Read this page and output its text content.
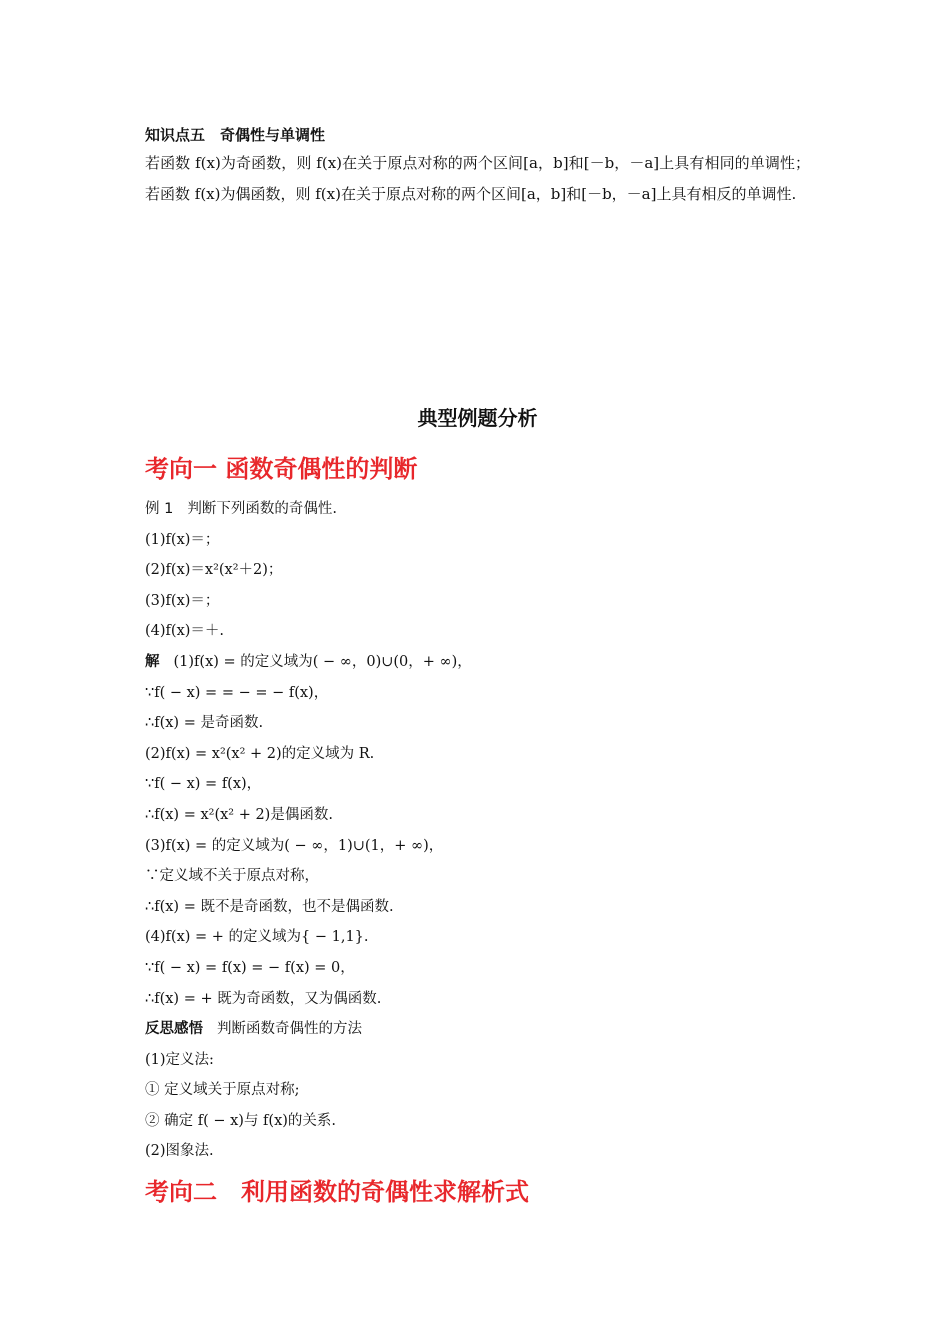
知识点五　奇偶性与单调性

若函数 f(x)为奇函数，则 f(x)在关于原点对称的两个区间[a，b]和[－b，－a]上具有相同的单调性；若函数 f(x)为偶函数，则 f(x)在关于原点对称的两个区间[a，b]和[－b，－a]上具有相反的单调性.

典型例题分析
考向一 函数奇偶性的判断
例 1 判断下列函数的奇偶性.
(1)f(x)＝；
(2)f(x)＝x²(x²＋2)；
(3)f(x)＝；
(4)f(x)＝＋.
解 (1)f(x) = 的定义域为( − ∞，0)∪(0，+ ∞)，
∵f( − x) = = − = − f(x)，
∴f(x) = 是奇函数.
(2)f(x) = x²(x² + 2)的定义域为 R.
∵f( − x) = f(x)，
∴f(x) = x²(x² + 2)是偶函数.
(3)f(x) = 的定义域为( − ∞，1)∪(1，+ ∞)，
∵定义域不关于原点对称，
∴f(x) = 既不是奇函数，也不是偶函数.
(4)f(x) = + 的定义域为{ − 1,1}.
∵f( − x) = f(x) = − f(x) = 0，
∴f(x) = + 既为奇函数，又为偶函数.
反思感悟 判断函数奇偶性的方法
(1)定义法:
① 定义域关于原点对称;
② 确定 f( − x)与 f(x)的关系.
(2)图象法.
考向二　利用函数的奇偶性求解析式
